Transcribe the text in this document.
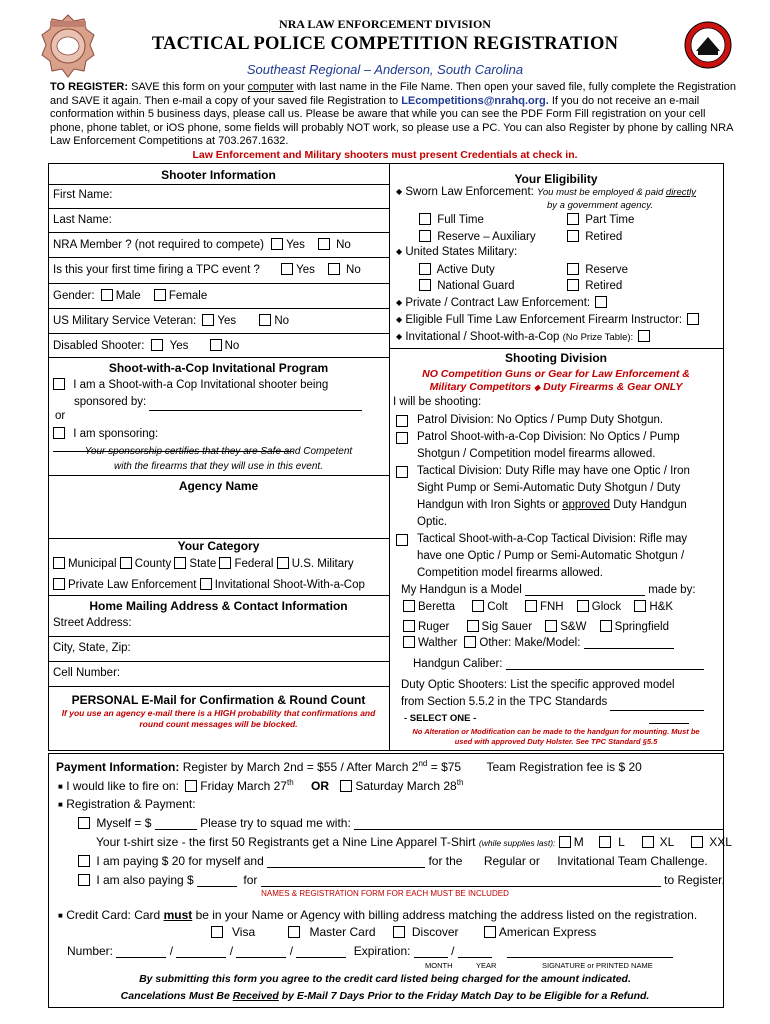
NRA LAW ENFORCEMENT DIVISION
TACTICAL POLICE COMPETITION REGISTRATION
Southeast Regional – Anderson, South Carolina
TO REGISTER: SAVE this form on your computer with last name in the File Name. Then open your saved file, fully complete the Registration and SAVE it again. Then e-mail a copy of your saved file Registration to LEcompetitions@nrahq.org. If you do not receive an e-mail conformation within 5 business days, please call us. Please be aware that while you can see the PDF Form Fill registration on your cell phone, phone tablet, or iOS phone, some fields will probably NOT work, so please use a PC. You can also Register by phone by calling NRA Law Enforcement Competitions at 703.267.1632.
Law Enforcement and Military shooters must present Credentials at check in.
Shooter Information
First Name:
Last Name:
NRA Member ? (not required to compete) Yes	No
Is this your first time firing a TPC event ?	Yes	No
Gender: Male Female
US Military Service Veteran: Yes	No
Disabled Shooter: Yes	No
Shoot-with-a-Cop Invitational Program
I am a Shoot-with-a Cop Invitational shooter being
sponsored by:
or
I am sponsoring:
Your sponsorship certifies that they are Safe and Competent
with the firearms that they will use in this event.
Agency Name
Your Category
Municipal County State Federal U.S. Military
Private Law Enforcement Invitational Shoot-With-a-Cop
Home Mailing Address & Contact Information
Street Address:
City, State, Zip:
Cell Number:
PERSONAL E-Mail for Confirmation & Round Count
If you use an agency e-mail there is a HIGH probability that confirmations and
round count messages will be blocked.
Your Eligibility
◆ Sworn Law Enforcement: You must be employed & paid directly
by a government agency.
Full Time	Part Time
Reserve – Auxiliary	Retired
◆ United States Military:
Active Duty	Reserve
National Guard	Retired
◆ Private / Contract Law Enforcement:
◆ Eligible Full Time Law Enforcement Firearm Instructor:
◆ Invitational / Shoot-with-a-Cop (No Prize Table):
Shooting Division
NO Competition Guns or Gear for Law Enforcement &
Military Competitors ◆ Duty Firearms & Gear ONLY
I will be shooting:
Patrol Division: No Optics / Pump Duty Shotgun.
Patrol Shoot-with-a-Cop Division: No Optics / Pump
Shotgun / Competition model firearms allowed.
Tactical Division: Duty Rifle may have one Optic / Iron
Sight Pump or Semi-Automatic Duty Shotgun / Duty
Handgun with Iron Sights or approved Duty Handgun
Optic.
Tactical Shoot-with-a-Cop Tactical Division: Rifle may
have one Optic / Pump or Semi-Automatic Shotgun /
Competition model firearms allowed.
My Handgun is a Model	made by:
Beretta	Colt	FNH Glock H&K
Ruger	Sig Sauer S&W Springfield
Walther Other: Make/Model:
Handgun Caliber:
Duty Optic Shooters: List the specific approved model
from Section 5.5.2 in the TPC Standards
- SELECT ONE -
No Alteration or Modification can be made to the handgun for mounting. Must be
used with approved Duty Holster. See TPC Standard §5.5
Payment Information: Register by March 2nd = $55 / After March 2nd = $75 Team Registration fee is $ 20
■ I would like to fire on: Friday March 27th OR Saturday March 28th
■ Registration & Payment:
Myself = $	Please try to squad me with:
Your t-shirt size - the first 50 Registrants get a Nine Line Apparel T-Shirt (while supplies last): M	L	XL	XXL
I am paying $ 20 for myself and	for the Regular or Invitational Team Challenge.
I am also paying $	for	to Register.
NAMES & REGISTRATION FORM FOR EACH MUST BE INCLUDED
■ Credit Card: Card must be in your Name or Agency with billing address matching the address listed on the registration.
Visa	Master Card	Discover	American Express
Number:	/	/	/	Expiration:	/
MONTH	YEAR	SIGNATURE or PRINTED NAME
By submitting this form you agree to the credit card listed being charged for the amount indicated.
Cancelations Must Be Received by E-Mail 7 Days Prior to the Friday Match Day to be Eligible for a Refund.
